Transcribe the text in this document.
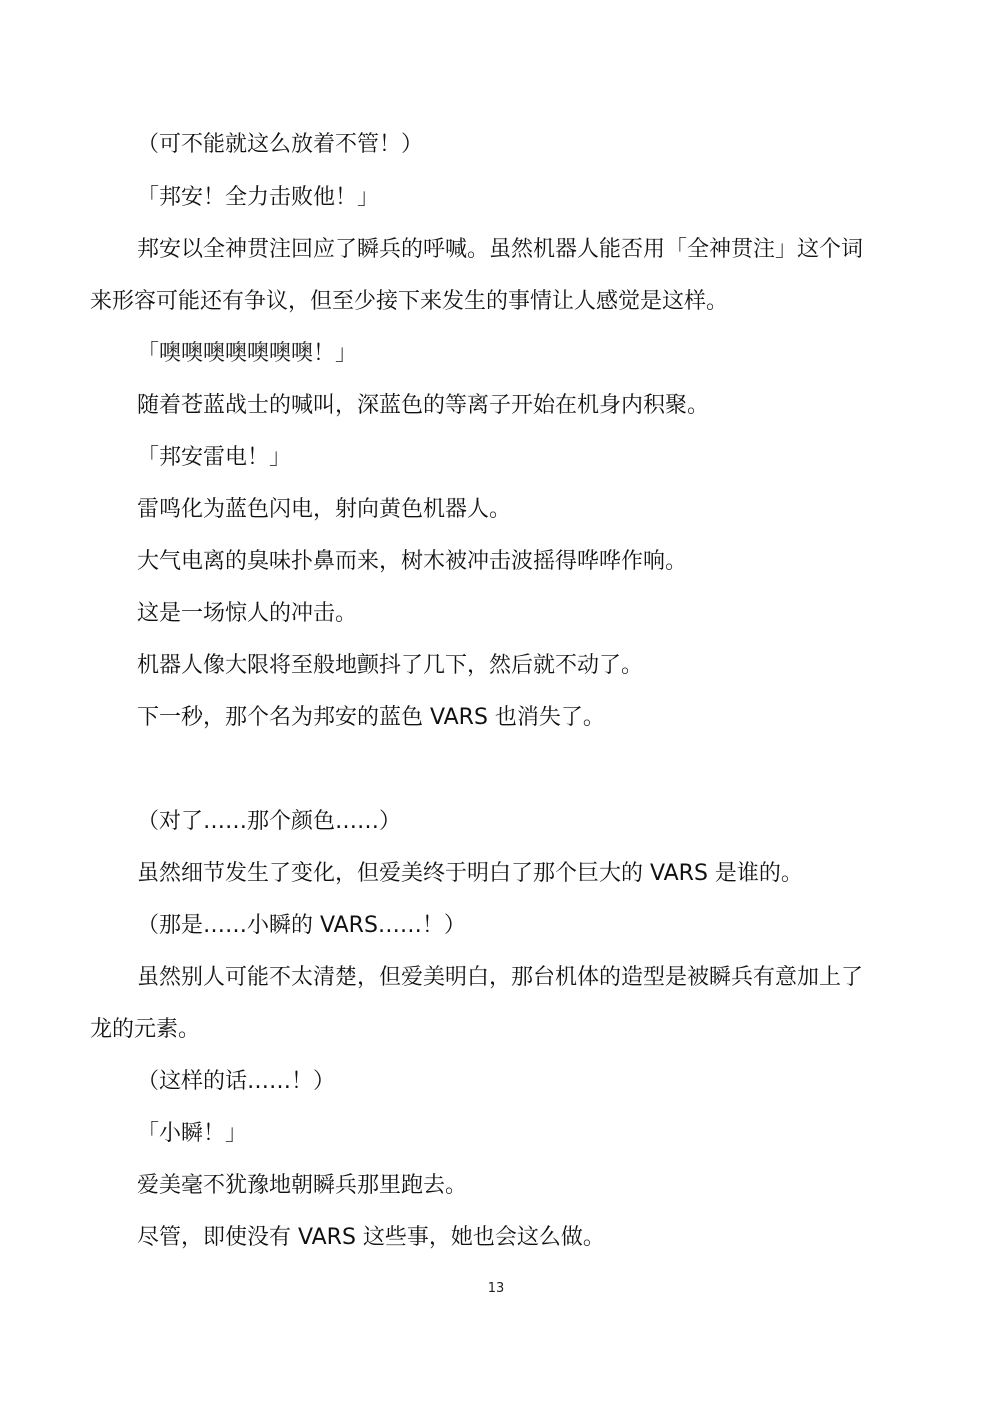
（可不能就这么放着不管！）
「邦安！全力击败他！」
邦安以全神贯注回应了瞬兵的呼喊。虽然机器人能否用「全神贯注」这个词
来形容可能还有争议，但至少接下来发生的事情让人感觉是这样。
「噢噢噢噢噢噢噢！」
随着苍蓝战士的喊叫，深蓝色的等离子开始在机身内积聚。
「邦安雷电！」
雷鸣化为蓝色闪电，射向黄色机器人。
大气电离的臭味扑鼻而来，树木被冲击波摇得哗哗作响。
这是一场惊人的冲击。
机器人像大限将至般地颤抖了几下，然后就不动了。
下一秒，那个名为邦安的蓝色 VARS 也消失了。
（对了……那个颜色……）
虽然细节发生了变化，但爱美终于明白了那个巨大的 VARS 是谁的。
（那是……小瞬的 VARS……！）
虽然别人可能不太清楚，但爱美明白，那台机体的造型是被瞬兵有意加上了
龙的元素。
（这样的话……！）
「小瞬！」
爱美毫不犹豫地朝瞬兵那里跑去。
尽管，即使没有 VARS 这些事，她也会这么做。
13
